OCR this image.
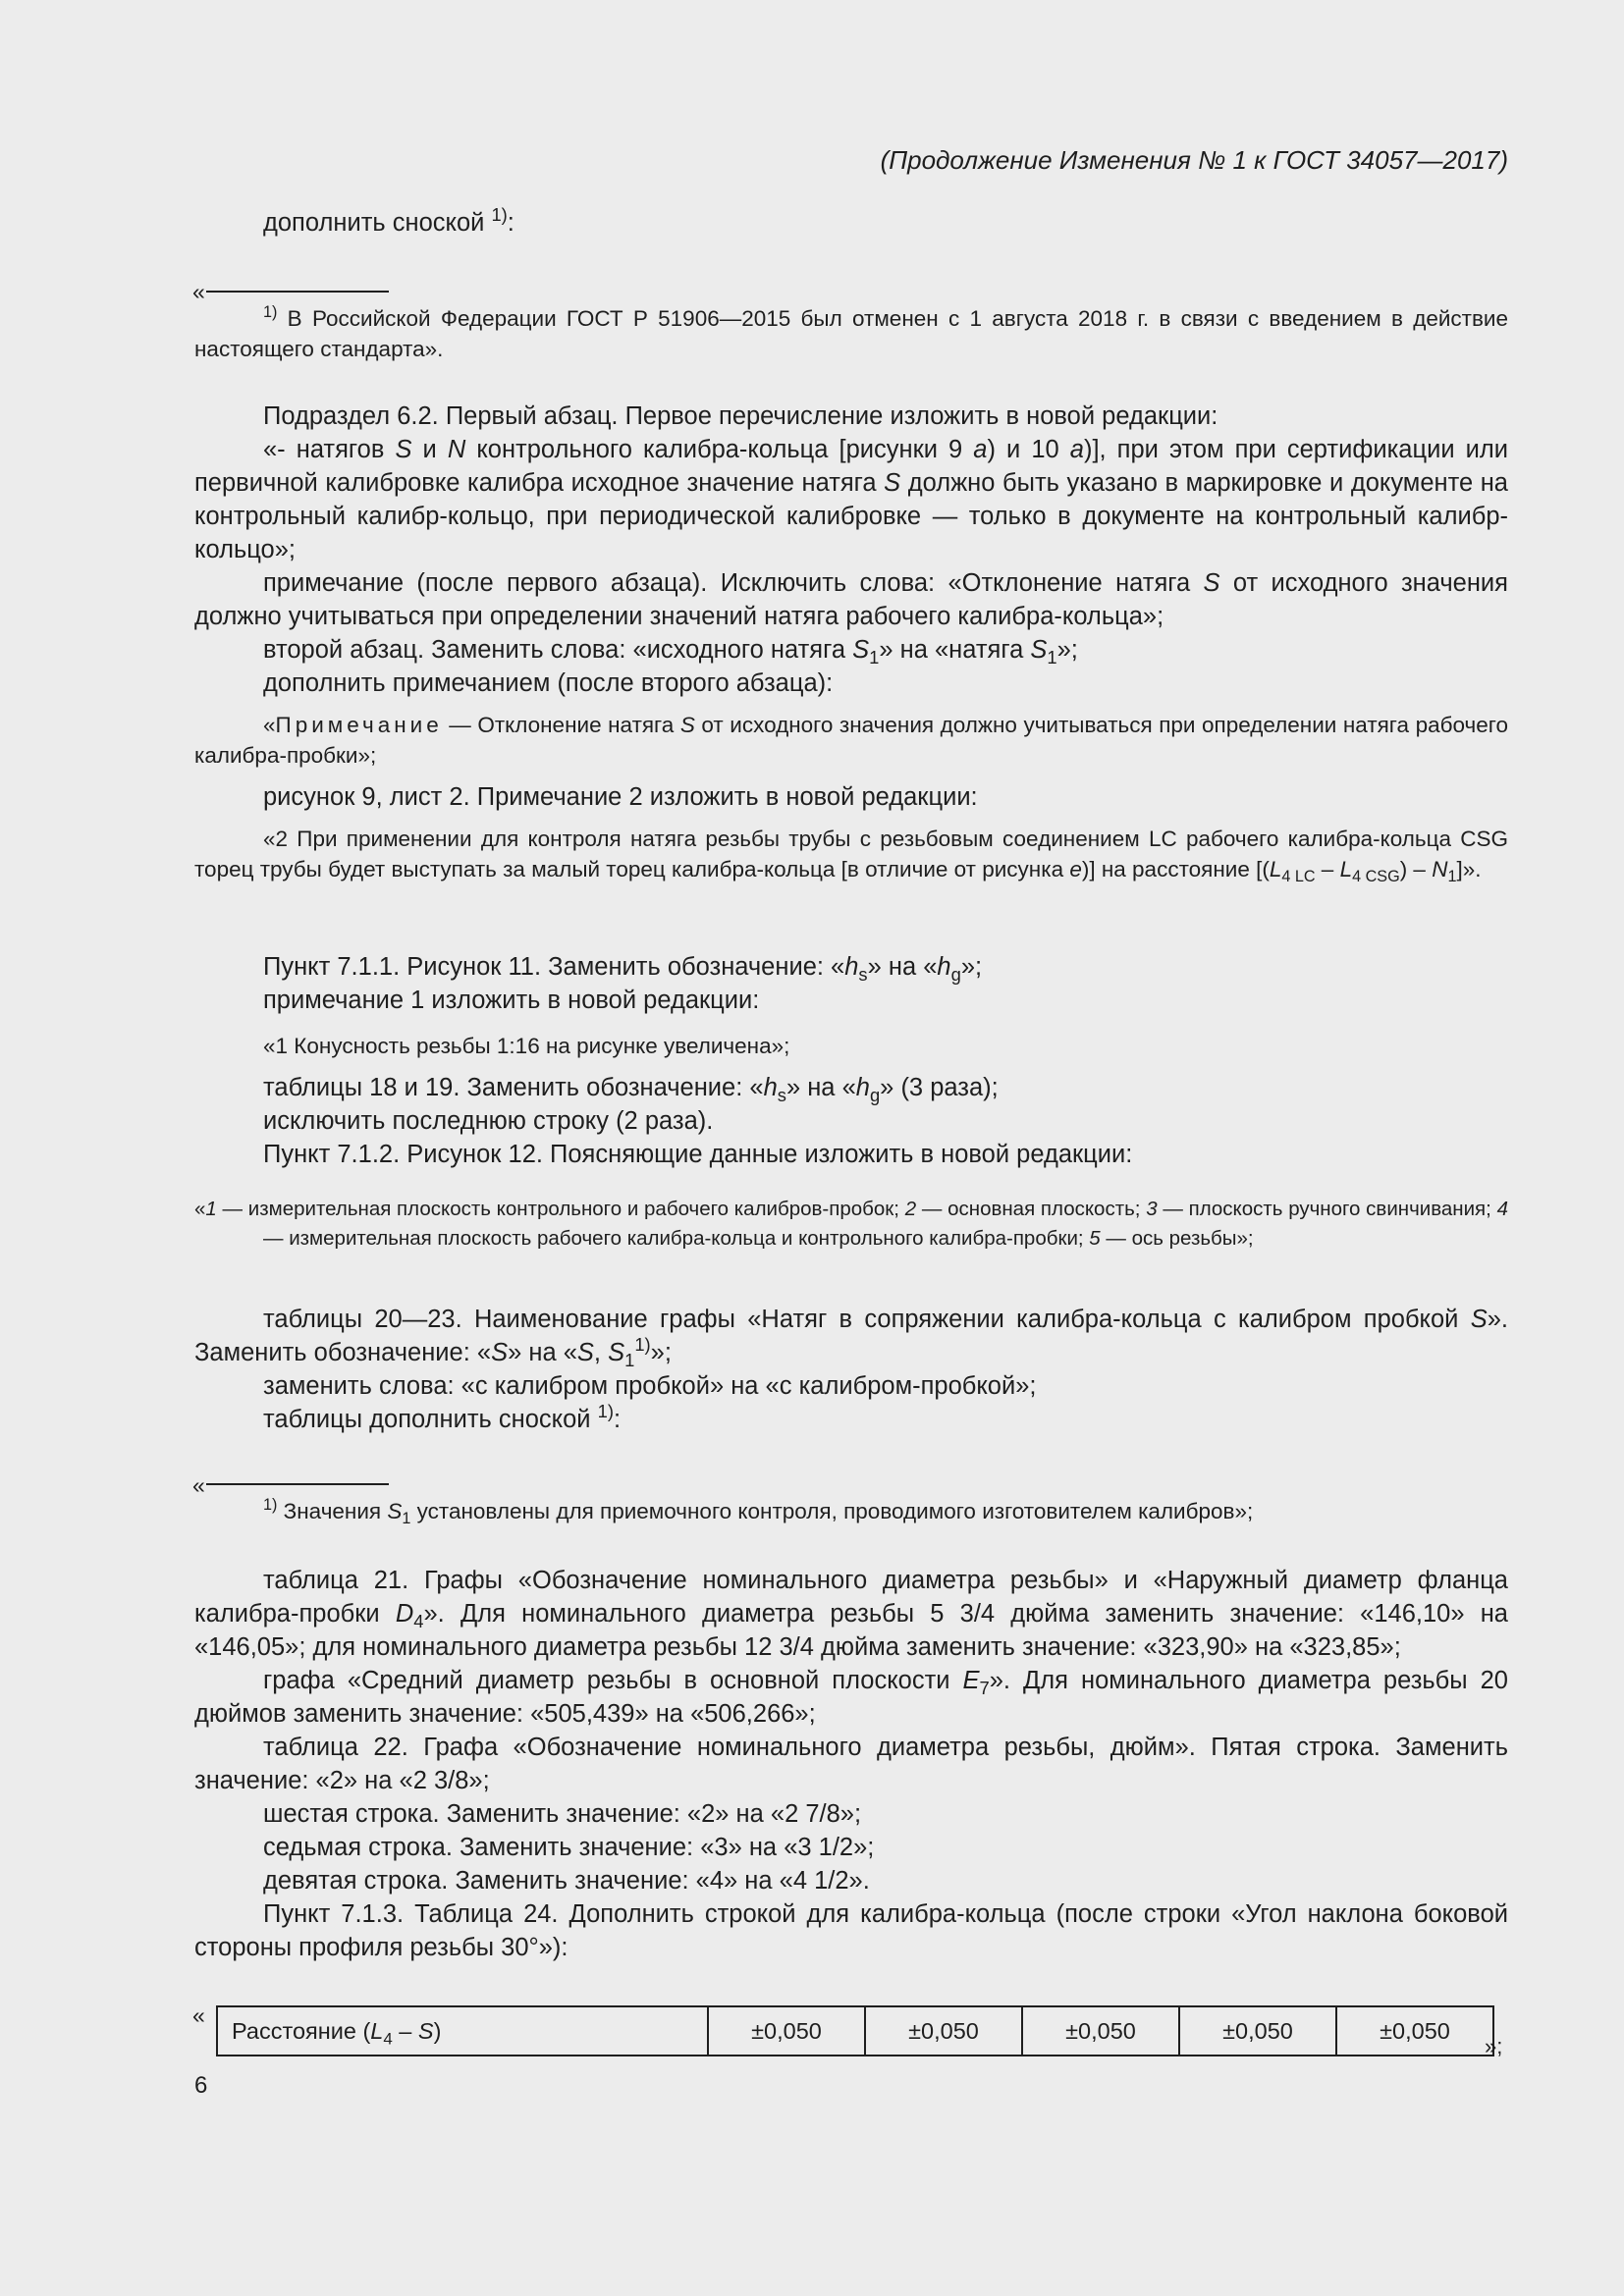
(Продолжение Изменения № 1 к ГОСТ 34057—2017)

дополнить сноской $^{1)}$:

«

$^{1)}$ В Российской Федерации ГОСТ Р 51906—2015 был отменен с 1 августа 2018 г. в связи с введением в действие настоящего стандарта».

Подраздел 6.2. Первый абзац. Первое перечисление изложить в новой редакции:

«- натягов S и N контрольного калибра-кольца [рисунки 9 а) и 10 а)], при этом при сертификации или первичной калибровке калибра исходное значение натяга S должно быть указано в маркировке и документе на контрольный калибр-кольцо, при периодической калибровке — только в документе на контрольный калибр-кольцо»;

примечание (после первого абзаца). Исключить слова: «Отклонение натяга S от исходного значения должно учитываться при определении значений натяга рабочего калибра-кольца»;

второй абзац. Заменить слова: «исходного натяга $S_1$» на «натяга $S_1$»;

дополнить примечанием (после второго абзаца):

«Примечание — Отклонение натяга S от исходного значения должно учитываться при определении натяга рабочего калибра-пробки»;

рисунок 9, лист 2. Примечание 2 изложить в новой редакции:

«2 При применении для контроля натяга резьбы трубы с резьбовым соединением LC рабочего калибра-кольца CSG торец трубы будет выступать за малый торец калибра-кольца [в отличие от рисунка е)] на расстояние $[(L_{4 LC} - L_{4 CSG}) - N_1]$».

Пункт 7.1.1. Рисунок 11. Заменить обозначение: «$h_s$» на «$h_g$»;

примечание 1 изложить в новой редакции:

«1 Конусность резьбы 1:16 на рисунке увеличена»;

таблицы 18 и 19. Заменить обозначение: «$h_s$» на «$h_g$» (3 раза);

исключить последнюю строку (2 раза).

Пункт 7.1.2. Рисунок 12. Поясняющие данные изложить в новой редакции:

«1 — измерительная плоскость контрольного и рабочего калибров-пробок; 2 — основная плоскость; 3 — плоскость ручного свинчивания; 4 — измерительная плоскость рабочего калибра-кольца и контрольного калибра-пробки; 5 — ось резьбы»;

таблицы 20—23. Наименование графы «Натяг в сопряжении калибра-кольца с калибром пробкой S». Заменить обозначение: «S» на «S, $S_1^{1)}$»;

заменить слова: «с калибром пробкой» на «с калибром-пробкой»;

таблицы дополнить сноской $^{1)}$:

«

$^{1)}$ Значения $S_1$ установлены для приемочного контроля, проводимого изготовителем калибров»;

таблица 21. Графы «Обозначение номинального диаметра резьбы» и «Наружный диаметр фланца калибра-пробки $D_4$». Для номинального диаметра резьбы 5 3/4 дюйма заменить значение: «146,10» на «146,05»; для номинального диаметра резьбы 12 3/4 дюйма заменить значение: «323,90» на «323,85»;

графа «Средний диаметр резьбы в основной плоскости $E_7$». Для номинального диаметра резьбы 20 дюймов заменить значение: «505,439» на «506,266»;

таблица 22. Графа «Обозначение номинального диаметра резьбы, дюйм». Пятая строка. Заменить значение: «2» на «2 3/8»;

шестая строка. Заменить значение: «2» на «2 7/8»;

седьмая строка. Заменить значение: «3» на «3 1/2»;

девятая строка. Заменить значение: «4» на «4 1/2».

Пункт 7.1.3. Таблица 24. Дополнить строкой для калибра-кольца (после строки «Угол наклона боковой стороны профиля резьбы 30°»):

«
Расстояние $(L_4 - S)$	±0,050	±0,050	±0,050	±0,050	±0,050
»;
6
